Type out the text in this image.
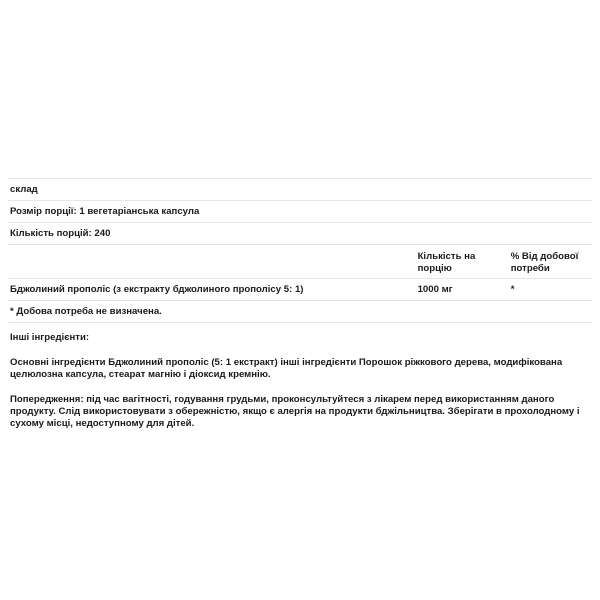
склад		
Розмір порції: 1 вегетаріанська капсула		
Кількість порцій: 240		
	Кількість на порцію	% Від добової потреби
Бджолиний прополіс (з екстракту бджолиного прополісу 5: 1)	1000 мг	*
* Добова потреба не визначена.		
Інші інгредієнти:
Основні інгредієнти Бджолиний прополіс (5: 1 екстракт) інші інгредієнти Порошок ріжкового дерева, модифікована целюлозна капсула, стеарат магнію і діоксид кремнію.
Попередження: під час вагітності, годування грудьми, проконсультуйтеся з лікарем перед використанням даного продукту. Слід використовувати з обережністю, якщо є алергія на продукти бджільництва. Зберігати в прохолодному і сухому місці, недоступному для дітей.
